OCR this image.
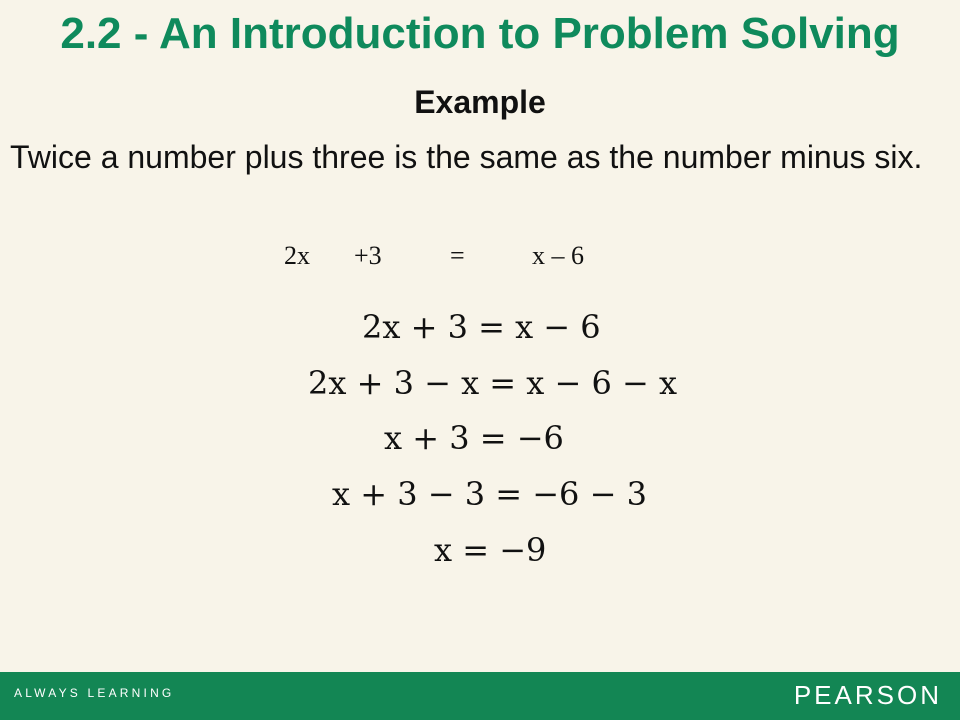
2.2 - An Introduction to Problem Solving
Example
Twice a number plus three is the same as the number minus six.
2x +3	=	x – 6
2x + 3 = x − 6
2x + 3 − x = x − 6 − x
x + 3 = −6
x + 3 − 3 = −6 − 3
x = −9
ALWAYS LEARNING	PEARSON
